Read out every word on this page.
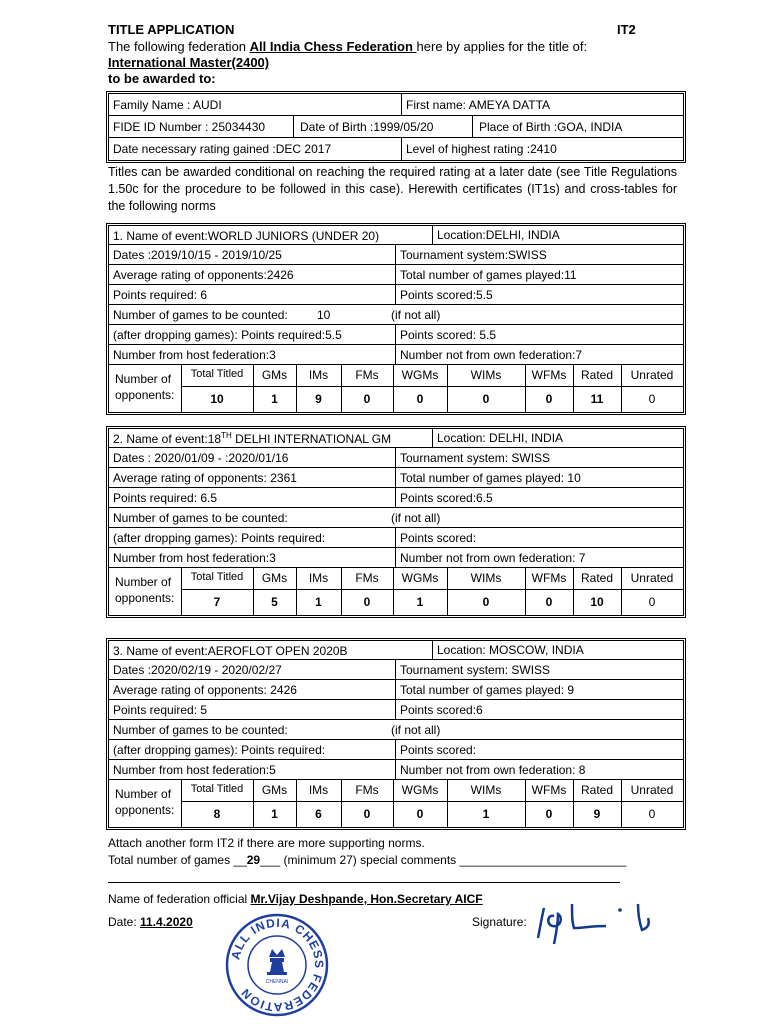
TITLE APPLICATION	IT2
The following federation All India Chess Federation here by applies for the title of:
International Master(2400)
to be awarded to:
Family Name : AUDI	First name: AMEYA DATTA
FIDE ID Number : 25034430	Date of Birth :1999/05/20	Place of Birth :GOA, INDIA
Date necessary rating gained :DEC 2017	Level of highest rating :2410
Titles can be awarded conditional on reaching the required rating at a later date (see Title Regulations 1.50c for the procedure to be followed in this case). Herewith certificates (IT1s) and cross-tables for the following norms
1. Name of event:WORLD JUNIORS (UNDER 20)	Location:DELHI, INDIA
Dates :2019/10/15 - 2019/10/25	Tournament system:SWISS
Average rating of opponents:2426	Total number of games played:11
Points required: 6	Points scored:5.5
Number of games to be counted: 10	(if not all)
(after dropping games): Points required:5.5	Points scored: 5.5
Number from host federation:3	Number not from own federation:7
Number of
opponents:
Total Titled	GMs	IMs	FMs	WGMs	WIMs	WFMs	Rated	Unrated
10	1	9	0	0	0	0	11	0
2. Name of event:18TH DELHI INTERNATIONAL GM	Location: DELHI, INDIA
Dates : 2020/01/09 - :2020/01/16	Tournament system: SWISS
Average rating of opponents: 2361	Total number of games played: 10
Points required: 6.5	Points scored:6.5
Number of games to be counted:	(if not all)
(after dropping games): Points required:	Points scored:
Number from host federation:3	Number not from own federation: 7
Number of
opponents:
Total Titled	GMs	IMs	FMs	WGMs	WIMs	WFMs	Rated	Unrated
7	5	1	0	1	0	0	10	0
3. Name of event:AEROFLOT OPEN 2020B	Location: MOSCOW, INDIA
Dates :2020/02/19 - 2020/02/27	Tournament system: SWISS
Average rating of opponents: 2426	Total number of games played: 9
Points required: 5	Points scored:6
Number of games to be counted:	(if not all)
(after dropping games): Points required:	Points scored:
Number from host federation:5	Number not from own federation: 8
Number of
opponents:
Total Titled	GMs	IMs	FMs	WGMs	WIMs	WFMs	Rated	Unrated
8	1	6	0	0	1	0	9	0
Attach another form IT2 if there are more supporting norms.
Total number of games __29___ (minimum 27) special comments _________________________
Name of federation official Mr.Vijay Deshpande, Hon.Secretary AICF
Date: 11.4.2020	Signature:
ALL INDIA CHESS FEDERATION
CHENNAI
